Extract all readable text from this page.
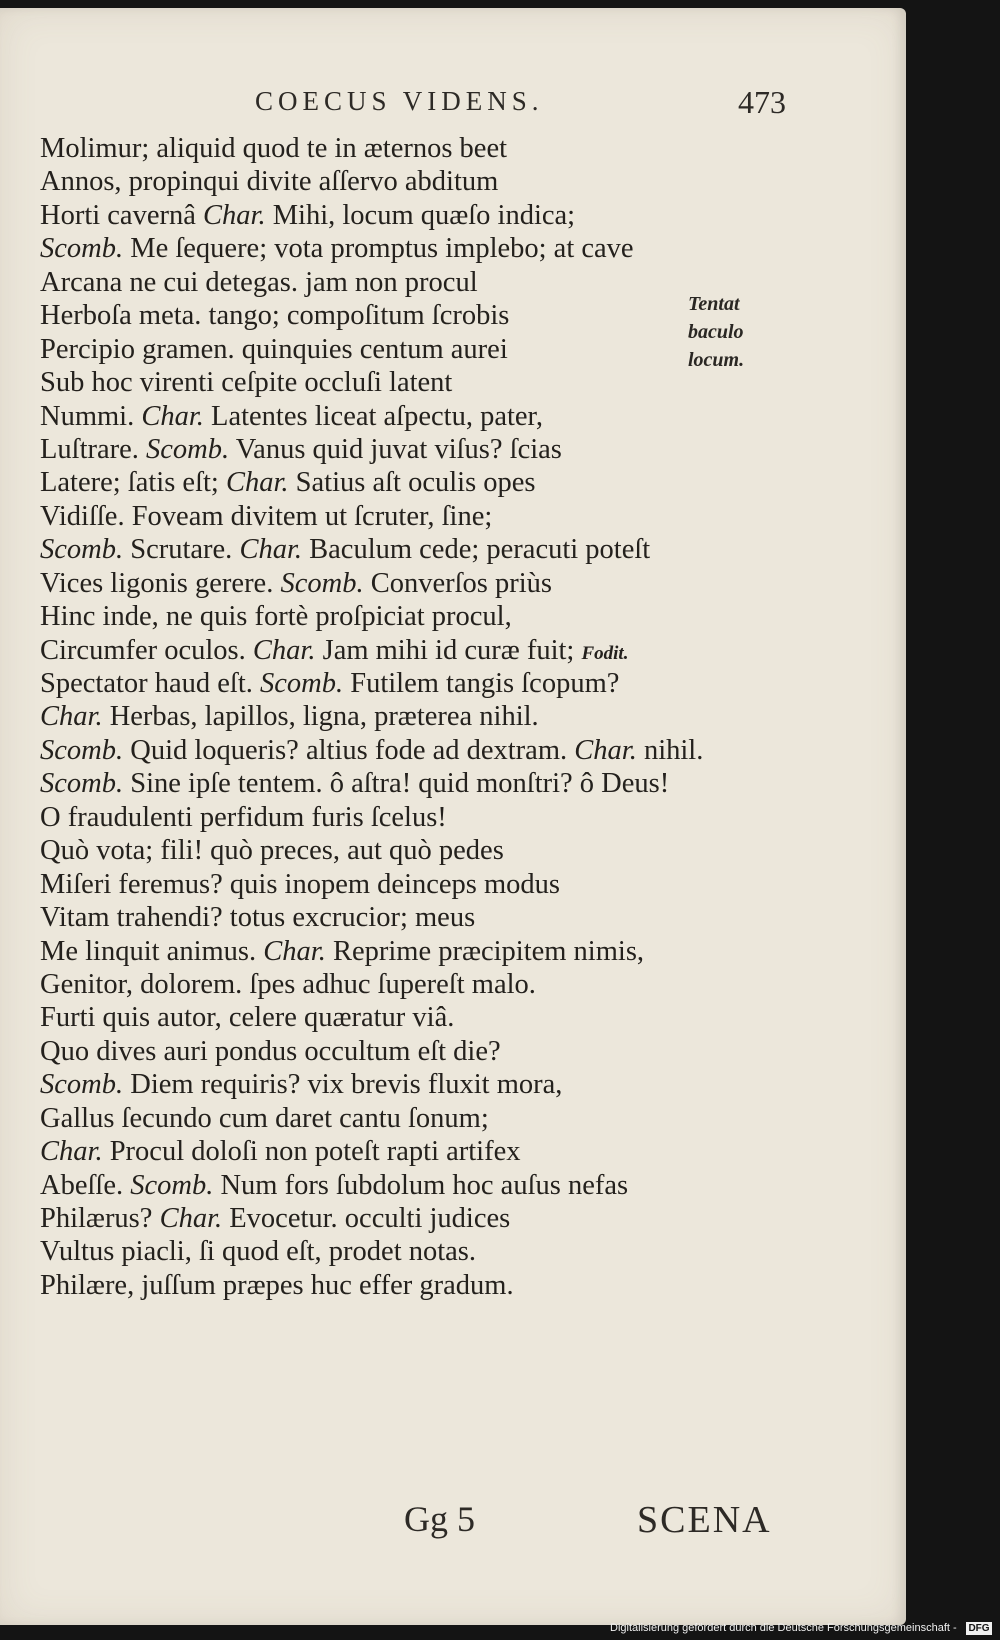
COECUS VIDENS.	473
Molimur; aliquid quod te in æternos beet
Annos, propinqui divite aſſervo abditum
Horti cavernâ Char. Mihi, locum quæſo indica;
Scomb. Me ſequere; vota promptus implebo; at cave
Arcana ne cui detegas. jam non procul
Herboſa meta. tango; compoſitum ſcrobis
Percipio gramen. quinquies centum aurei
Sub hoc virenti ceſpite occluſi latent
Nummi. Char. Latentes liceat aſpectu, pater,
Luſtrare. Scomb. Vanus quid juvat viſus? ſcias
Latere; ſatis eſt; Char. Satius aſt oculis opes
Vidiſſe. Foveam divitem ut ſcruter, ſine;
Scomb. Scrutare. Char. Baculum cede; peracuti poteſt
Vices ligonis gerere. Scomb. Converſos priùs
Hinc inde, ne quis fortè proſpiciat procul,
Circumfer oculos. Char. Jam mihi id curæ fuit; Fodit.
Spectator haud eſt. Scomb. Futilem tangis ſcopum?
Char. Herbas, lapillos, ligna, præterea nihil.
Scomb. Quid loqueris? altius fode ad dextram. Char. nihil.
Scomb. Sine ipſe tentem. ô aſtra! quid monſtri? ô Deus!
O fraudulenti perfidum furis ſcelus!
Quò vota; fili! quò preces, aut quò pedes
Miſeri feremus? quis inopem deinceps modus
Vitam trahendi? totus excrucior; meus
Me linquit animus. Char. Reprime præcipitem nimis,
Genitor, dolorem. ſpes adhuc ſupereſt malo.
Furti quis autor, celere quæratur viâ.
Quo dives auri pondus occultum eſt die?
Scomb. Diem requiris? vix brevis fluxit mora,
Gallus ſecundo cum daret cantu ſonum;
Char. Procul doloſi non poteſt rapti artifex
Abeſſe. Scomb. Num fors ſubdolum hoc auſus nefas
Philærus? Char. Evocetur. occulti judices
Vultus piacli, ſi quod eſt, prodet notas.
Philære, juſſum præpes huc effer gradum.
Tentat
baculo
locum.
Gg 5	SCENA
Digitalisierung gefördert durch die Deutsche Forschungsgemeinschaft - DFG
